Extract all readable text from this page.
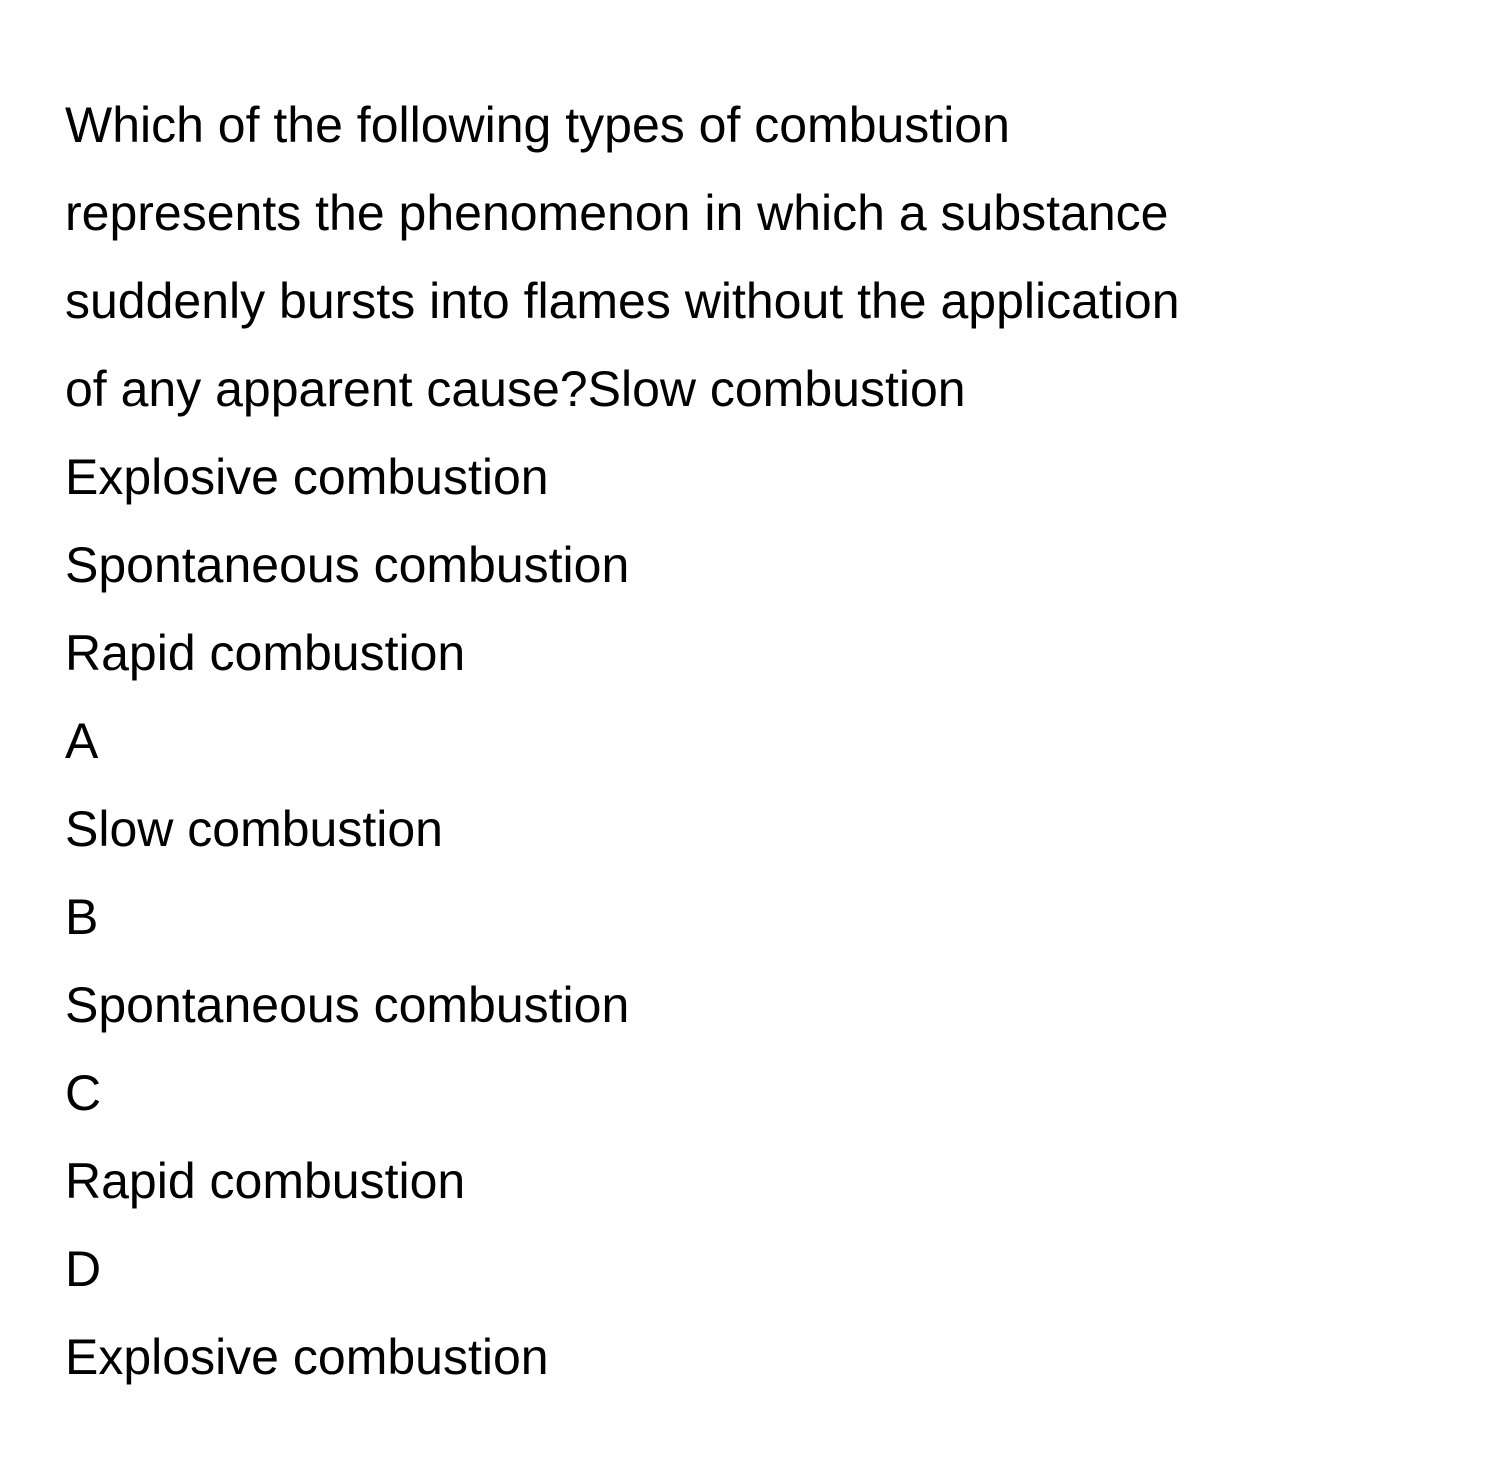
Which of the following types of combustion
represents the phenomenon in which a substance
suddenly bursts into flames without the application
of any apparent cause?Slow combustion
Explosive combustion
Spontaneous combustion
Rapid combustion
A
Slow combustion
B
Spontaneous combustion
C
Rapid combustion
D
Explosive combustion
